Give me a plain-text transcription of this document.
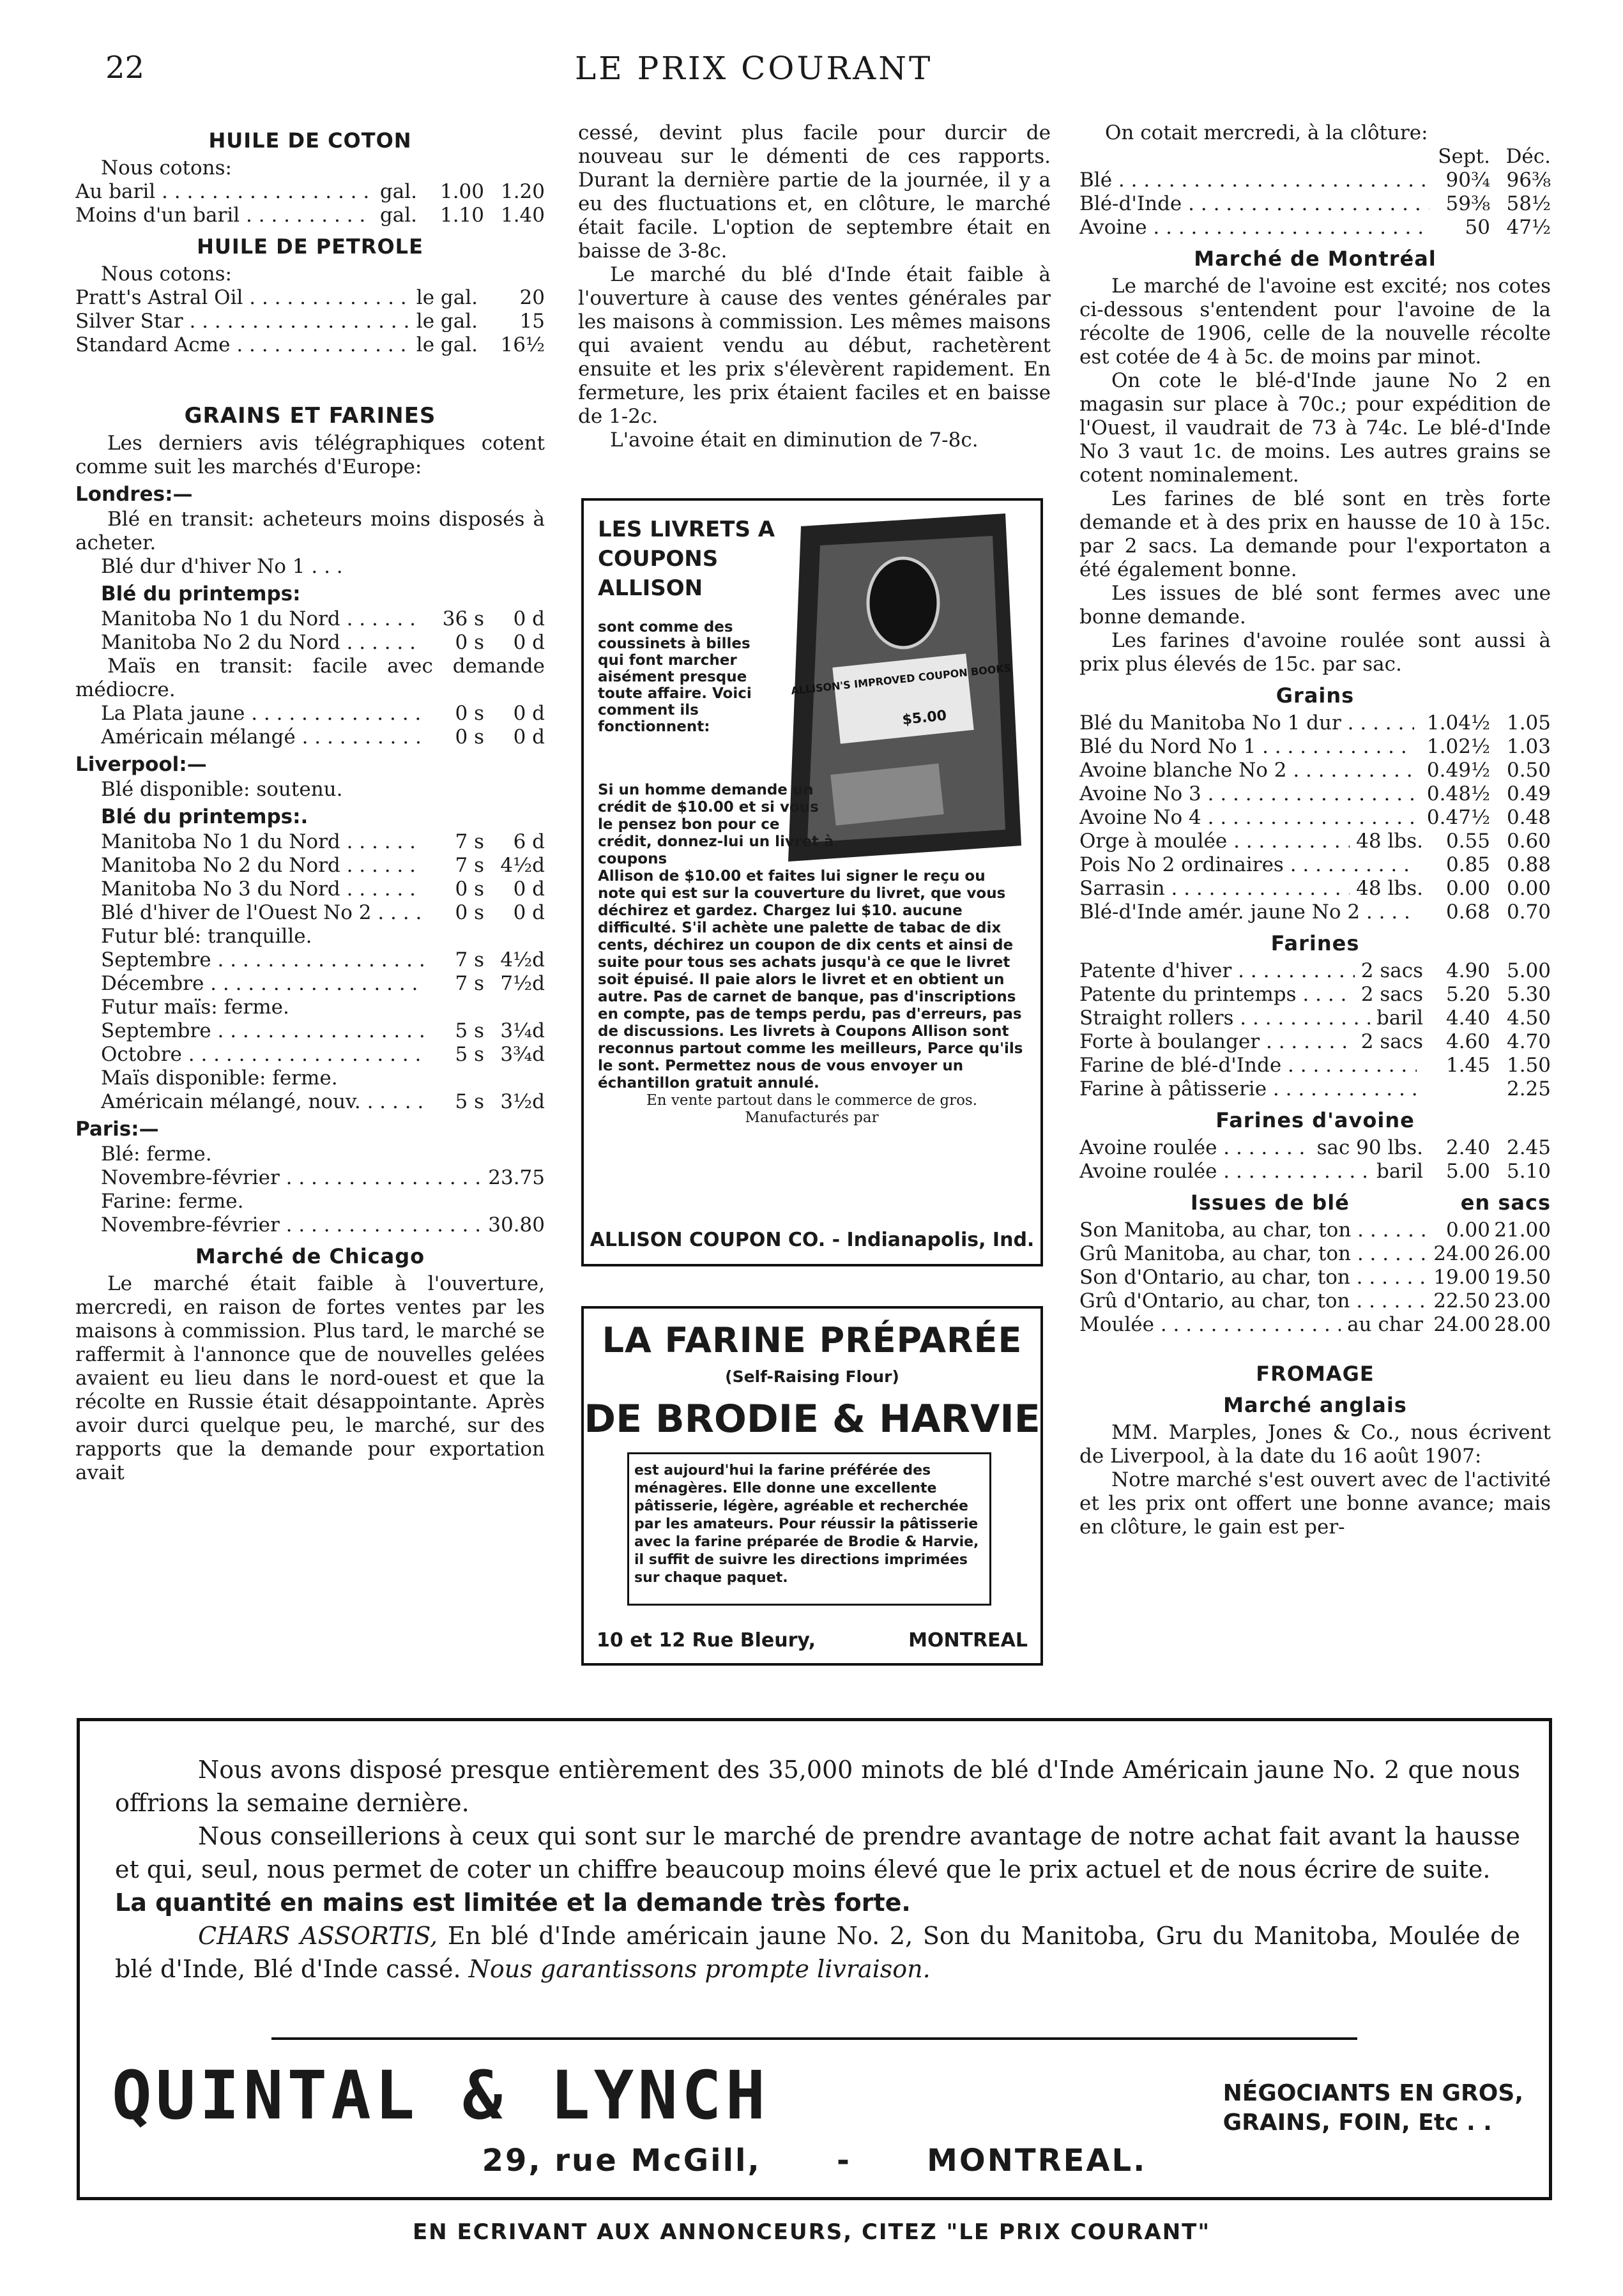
22	LE PRIX COURANT
HUILE DE COTON
Nous cotons:
Au baril . . .	gal.	1.00 1.20
Moins d'un baril . . .	gal.	1.10 1.40
HUILE DE PETROLE
Nous cotons:
Pratt's Astral Oil . . .	le gal.	20
Silver Star . . .	le gal.	15
Standard Acme . . .	le gal.	16½
GRAINS ET FARINES

Les derniers avis télégraphiques cotent comme suit les marchés d'Europe:

Londres:—

Blé en transit: acheteurs moins disposés à acheter.

Blé dur d'hiver No 1 . . .
Blé du printemps:
Manitoba No 1 du Nord . . .	36 s	0 d
Manitoba No 2 du Nord . . .	0 s	0 d

Maïs en transit: facile avec demande médiocre.

La Plata jaune . . .	0 s	0 d
Américain mélangé . . .	0 s	0 d
Liverpool:—
Blé disponible: soutenu.
Blé du printemps:.
Manitoba No 1 du Nord . . .	7 s	6 d
Manitoba No 2 du Nord . . .	7 s 4½d
Manitoba No 3 du Nord . . .	0 s	0 d
Blé d'hiver de l'Ouest No 2 . . .	0 s	0 d
Futur blé: tranquille.
Septembre . . .	7 s 4½d
Décembre . . .	7 s 7½d
Futur maïs: ferme.
Septembre . . .	5 s 3¼d
Octobre . . .	5 s 3¾d
Maïs disponible: ferme.
Américain mélangé, nouv. . . .	5 s 3½d
Paris:—
Blé: ferme.
Novembre-février . . .	23.75
Farine: ferme.
Novembre-février . . .	30.80
Marché de Chicago

Le marché était faible à l'ouverture, mercredi, en raison de fortes ventes par les maisons à commission. Plus tard, le marché se raffermit à l'annonce que de nouvelles gelées avaient eu lieu dans le nord-ouest et que la récolte en Russie était désappointante. Après avoir durci quelque peu, le marché, sur des rapports que la demande pour exportation avait

cessé, devint plus facile pour durcir de nouveau sur le démenti de ces rapports. Durant la dernière partie de la journée, il y a eu des fluctuations et, en clôture, le marché était facile. L'option de septembre était en baisse de 3-8c.

Le marché du blé d'Inde était faible à l'ouverture à cause des ventes générales par les maisons à commission. Les mêmes maisons qui avaient vendu au début, rachetèrent ensuite et les prix s'élevèrent rapidement. En fermeture, les prix étaient faciles et en baisse de 1-2c.

L'avoine était en diminution de 7-8c.

LES LIVRETS A COUPONS ALLISON
sont comme des coussinets à billes qui font marcher aisément presque toute affaire. Voici comment ils fonctionnent:
ALLISON'S IMPROVED COUPON BOOKS
$5.00
Si un homme demande un crédit de $10.00 et si vous le pensez bon pour ce crédit, donnez-lui un livret à coupons
Allison de $10.00 et faites lui signer le reçu ou note qui est sur la couverture du livret, que vous déchirez et gardez. Chargez lui $10. aucune difficulté. S'il achète une palette de tabac de dix cents, déchirez un coupon de dix cents et ainsi de suite pour tous ses achats jusqu'à ce que le livret soit épuisé. Il paie alors le livret et en obtient un autre. Pas de carnet de banque, pas d'inscriptions en compte, pas de temps perdu, pas d'erreurs, pas de discussions. Les livrets à Coupons Allison sont reconnus partout comme les meilleurs, Parce qu'ils le sont. Permettez nous de vous envoyer un échantillon gratuit annulé.
En vente partout dans le commerce de gros.
Manufacturés par
ALLISON COUPON CO. - Indianapolis, Ind.
LA FARINE PRÉPARÉE
(Self-Raising Flour)
DE BRODIE & HARVIE
est aujourd'hui la farine préférée des ménagères. Elle donne une excellente pâtisserie, légère, agréable et recherchée par les amateurs. Pour réussir la pâtisserie avec la farine préparée de Brodie & Harvie, il suffit de suivre les directions imprimées sur chaque paquet.
10 et 12 Rue Bleury,	MONTREAL
On cotait mercredi, à la clôture:
Sept. Déc.
Blé . . .	90¾ 96⅜
Blé-d'Inde . . .	59⅜ 58½
Avoine . . .	50 47½
Marché de Montréal

Le marché de l'avoine est excité; nos cotes ci-dessous s'entendent pour l'avoine de la récolte de 1906, celle de la nouvelle récolte est cotée de 4 à 5c. de moins par minot.

On cote le blé-d'Inde jaune No 2 en magasin sur place à 70c.; pour expédition de l'Ouest, il vaudrait de 73 à 74c. Le blé-d'Inde No 3 vaut 1c. de moins. Les autres grains se cotent nominalement.

Les farines de blé sont en très forte demande et à des prix en hausse de 10 à 15c. par 2 sacs. La demande pour l'exportaton a été également bonne.

Les issues de blé sont fermes avec une bonne demande.

Les farines d'avoine roulée sont aussi à prix plus élevés de 15c. par sac.

Grains
Blé du Manitoba No 1 dur . . .	1.04½ 1.05
Blé du Nord No 1 . . .	1.02½ 1.03
Avoine blanche No 2 . . .	0.49½ 0.50
Avoine No 3 . . .	0.48½ 0.49
Avoine No 4 . . .	0.47½ 0.48
Orge à moulée . . .	48 lbs.	0.55 0.60
Pois No 2 ordinaires . . .	0.85 0.88
Sarrasin . . .	48 lbs.	0.00 0.00
Blé-d'Inde amér. jaune No 2 . . .	0.68 0.70
Farines
Patente d'hiver . . .	2 sacs	4.90 5.00
Patente du printemps . . .	2 sacs	5.20 5.30
Straight rollers . . .	baril	4.40 4.50
Forte à boulanger . . .	2 sacs	4.60 4.70
Farine de blé-d'Inde . . .	1.45 1.50
Farine à pâtisserie . . .	2.25
Farines d'avoine
Avoine roulée . . .	sac 90 lbs.	2.40 2.45
Avoine roulée . . .	baril	5.00 5.10
Issues de blé	en sacs
Son Manitoba, au char, ton . . .	0.00 21.00
Grû Manitoba, au char, ton . . .	24.00 26.00
Son d'Ontario, au char, ton . . .	19.00 19.50
Grû d'Ontario, au char, ton . . .	22.50 23.00
Moulée . . .	au char 24.00 28.00
FROMAGE
Marché anglais

MM. Marples, Jones & Co., nous écrivent de Liverpool, à la date du 16 août 1907:

Notre marché s'est ouvert avec de l'activité et les prix ont offert une bonne avance; mais en clôture, le gain est per-

Nous avons disposé presque entièrement des 35,000 minots de blé d'Inde Américain jaune No. 2 que nous offrions la semaine dernière.

Nous conseillerions à ceux qui sont sur le marché de prendre avantage de notre achat fait avant la hausse et qui, seul, nous permet de coter un chiffre beaucoup moins élevé que le prix actuel et de nous écrire de suite.

La quantité en mains est limitée et la demande très forte.

CHARS ASSORTIS, En blé d'Inde américain jaune No. 2, Son du Manitoba, Gru du Manitoba, Moulée de blé d'Inde, Blé d'Inde cassé. Nous garantissons prompte livraison.

QUINTAL & LYNCH	NÉGOCIANTS EN GROS,
GRAINS, FOIN, Etc . .
29, rue McGill, - MONTREAL.
EN ECRIVANT AUX ANNONCEURS, CITEZ "LE PRIX COURANT"
